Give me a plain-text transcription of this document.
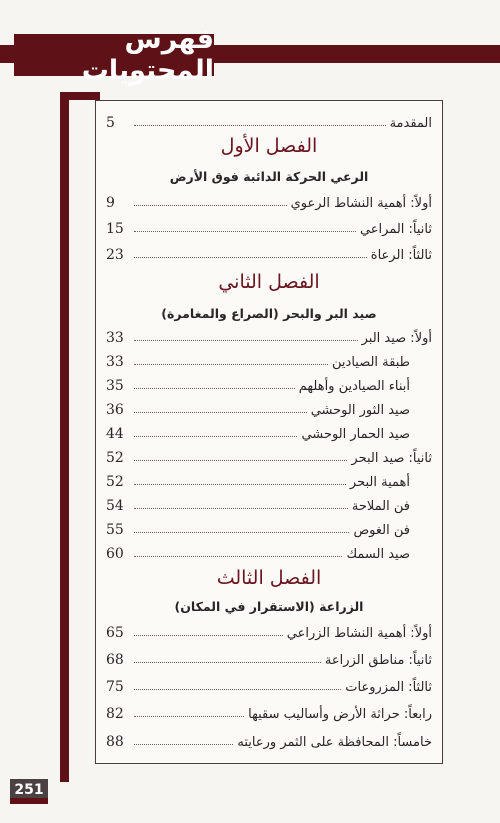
فهرس المحتويات
المقدمة
5
الفصل الأول
الرعي الحركة الدائبة فوق الأرض
أولاً: أهمية النشاط الرعوي
9
ثانياً: المراعي
15
ثالثاً: الرعاة
23
الفصل الثاني
صيد البر والبحر (الصراع والمغامرة)
أولاً: صيد البر
33
طبقة الصيادين
33
أبناء الصيادين وأهلهم
35
صيد الثور الوحشي
36
صيد الحمار الوحشي
44
ثانياً: صيد البحر
52
أهمية البحر
52
فن الملاحة
54
فن الغوص
55
صيد السمك
60
الفصل الثالث
الزراعة (الاستقرار في المكان)
أولاً: أهمية النشاط الزراعي
65
ثانياً: مناطق الزراعة
68
ثالثاً: المزروعات
75
رابعاً: حراثة الأرض وأساليب سقيها
82
خامساً: المحافظة على الثمر ورعايته
88
251
